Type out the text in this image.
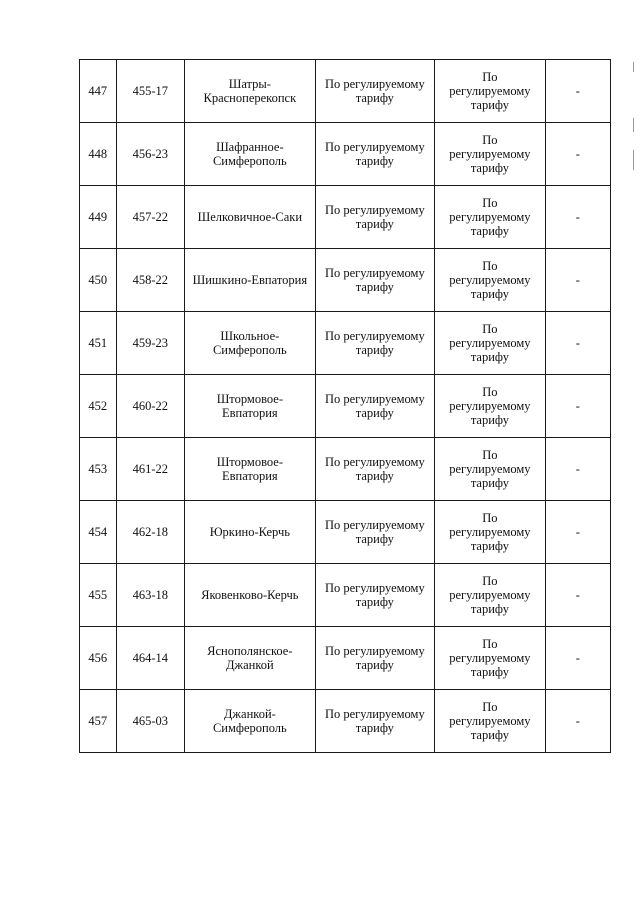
447	455-17	Шатры-
Красноперекопск	По регулируемому
тарифу	По
регулируемому
тарифу	-

448	456-23	Шафранное-
Симферополь	По регулируемому
тарифу	По
регулируемому
тарифу	-

449	457-22	Шелковичное-Саки	По регулируемому
тарифу	По
регулируемому
тарифу	-

450	458-22	Шишкино-Евпатория	По регулируемому
тарифу	По
регулируемому
тарифу	-

451	459-23	Школьное-
Симферополь	По регулируемому
тарифу	По
регулируемому
тарифу	-

452	460-22	Штормовое-
Евпатория	По регулируемому
тарифу	По
регулируемому
тарифу	-

453	461-22	Штормовое-
Евпатория	По регулируемому
тарифу	По
регулируемому
тарифу	-

454	462-18	Юркино-Керчь	По регулируемому
тарифу	По
регулируемому
тарифу	-

455	463-18	Яковенково-Керчь	По регулируемому
тарифу	По
регулируемому
тарифу	-

456	464-14	Яснополянское-
Джанкой	По регулируемому
тарифу	По
регулируемому
тарифу	-

457	465-03	Джанкой-
Симферополь	По регулируемому
тарифу	По
регулируемому
тарифу	-
